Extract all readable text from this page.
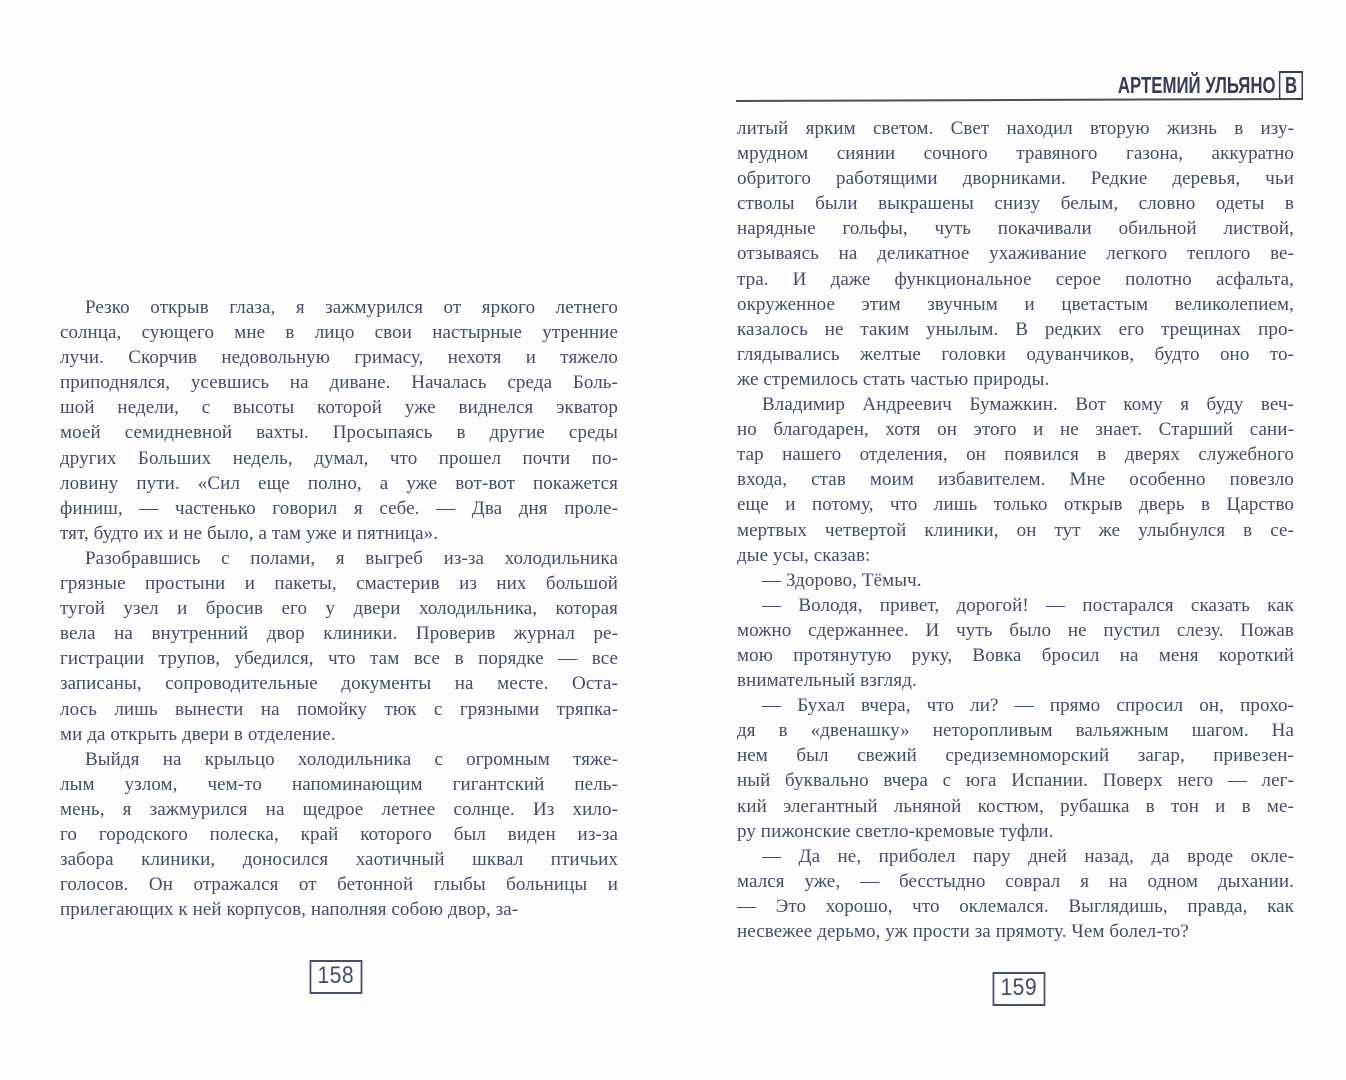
АРТЕМИЙ УЛЬЯНО В
Резко открыв глаза, я зажмурился от яркого летнего
солнца, сующего мне в лицо свои настырные утренние
лучи. Скорчив недовольную гримасу, нехотя и тяжело
приподнялся, усевшись на диване. Началась среда Боль-
шой недели, с высоты которой уже виднелся экватор
моей семидневной вахты. Просыпаясь в другие среды
других Больших недель, думал, что прошел почти по-
ловину пути. «Сил еще полно, а уже вот-вот покажется
финиш, — частенько говорил я себе. — Два дня проле-
тят, будто их и не было, а там уже и пятница».
Разобравшись с полами, я выгреб из-за холодильника
грязные простыни и пакеты, смастерив из них большой
тугой узел и бросив его у двери холодильника, которая
вела на внутренний двор клиники. Проверив журнал ре-
гистрации трупов, убедился, что там все в порядке — все
записаны, сопроводительные документы на месте. Оста-
лось лишь вынести на помойку тюк с грязными тряпка-
ми да открыть двери в отделение.
Выйдя на крыльцо холодильника с огромным тяже-
лым узлом, чем-то напоминающим гигантский пель-
мень, я зажмурился на щедрое летнее солнце. Из хило-
го городского полеска, край которого был виден из-за
забора клиники, доносился хаотичный шквал птичьих
голосов. Он отражался от бетонной глыбы больницы и
прилегающих к ней корпусов, наполняя собою двор, за-
литый ярким светом. Свет находил вторую жизнь в изу-
мрудном сиянии сочного травяного газона, аккуратно
обритого работящими дворниками. Редкие деревья, чьи
стволы были выкрашены снизу белым, словно одеты в
нарядные гольфы, чуть покачивали обильной листвой,
отзываясь на деликатное ухаживание легкого теплого ве-
тра. И даже функциональное серое полотно асфальта,
окруженное этим звучным и цветастым великолепием,
казалось не таким унылым. В редких его трещинах про-
глядывались желтые головки одуванчиков, будто оно то-
же стремилось стать частью природы.
Владимир Андреевич Бумажкин. Вот кому я буду веч-
но благодарен, хотя он этого и не знает. Старший сани-
тар нашего отделения, он появился в дверях служебного
входа, став моим избавителем. Мне особенно повезло
еще и потому, что лишь только открыв дверь в Царство
мертвых четвертой клиники, он тут же улыбнулся в се-
дые усы, сказав:
— Здорово, Тёмыч.
— Володя, привет, дорогой! — постарался сказать как
можно сдержаннее. И чуть было не пустил слезу. Пожав
мою протянутую руку, Вовка бросил на меня короткий
внимательный взгляд.
— Бухал вчера, что ли? — прямо спросил он, прохо-
дя в «двенашку» неторопливым вальяжным шагом. На
нем был свежий средиземноморский загар, привезен-
ный буквально вчера с юга Испании. Поверх него — лег-
кий элегантный льняной костюм, рубашка в тон и в ме-
ру пижонские светло-кремовые туфли.
— Да не, приболел пару дней назад, да вроде окле-
мался уже, — бесстыдно соврал я на одном дыхании.
— Это хорошо, что оклемался. Выглядишь, правда, как
несвежее дерьмо, уж прости за прямоту. Чем болел-то?
158	159
